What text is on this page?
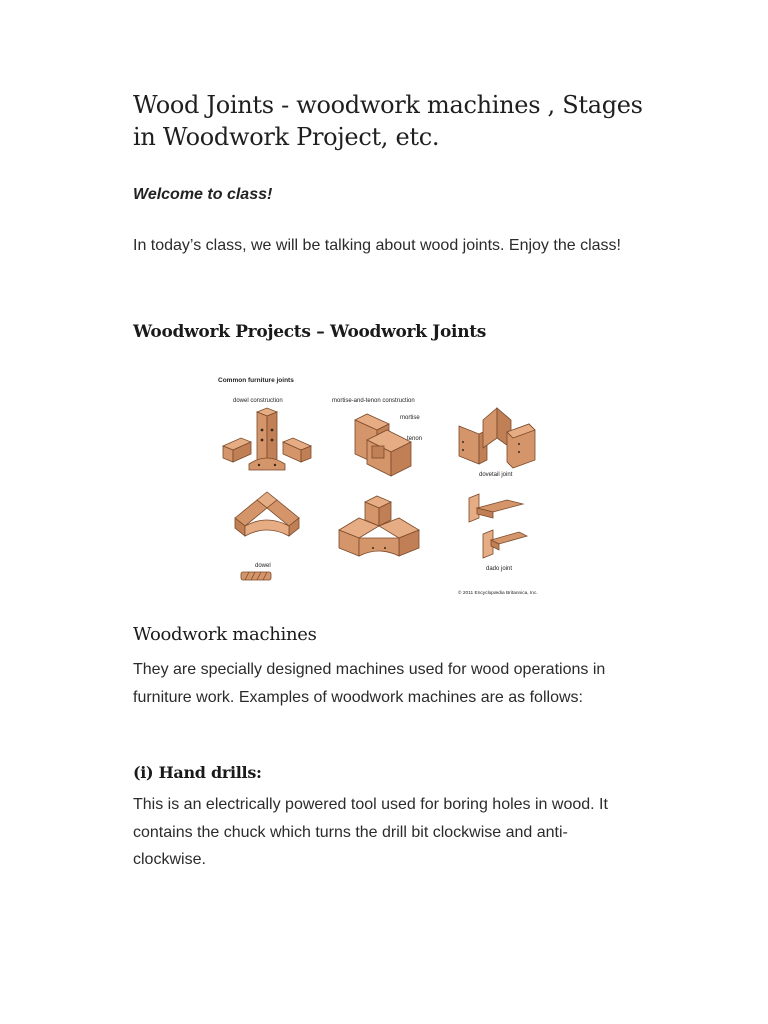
Wood Joints - woodwork machines , Stages in Woodwork Project, etc.

Welcome to class!

In today’s class, we will be talking about wood joints. Enjoy the class!

Woodwork Projects – Woodwork Joints
Woodwork machines

They are specially designed machines used for wood operations in furniture work. Examples of woodwork machines are as follows:

(i) Hand drills:

This is an electrically powered tool used for boring holes in wood. It contains the chuck which turns the drill bit clockwise and anti-clockwise.

Common furniture joints
dowel construction	mortise-and-tenon construction
mortise
tenon
dovetail joint
dowel	dado joint
© 2011 Encyclopædia Britannica, Inc.
